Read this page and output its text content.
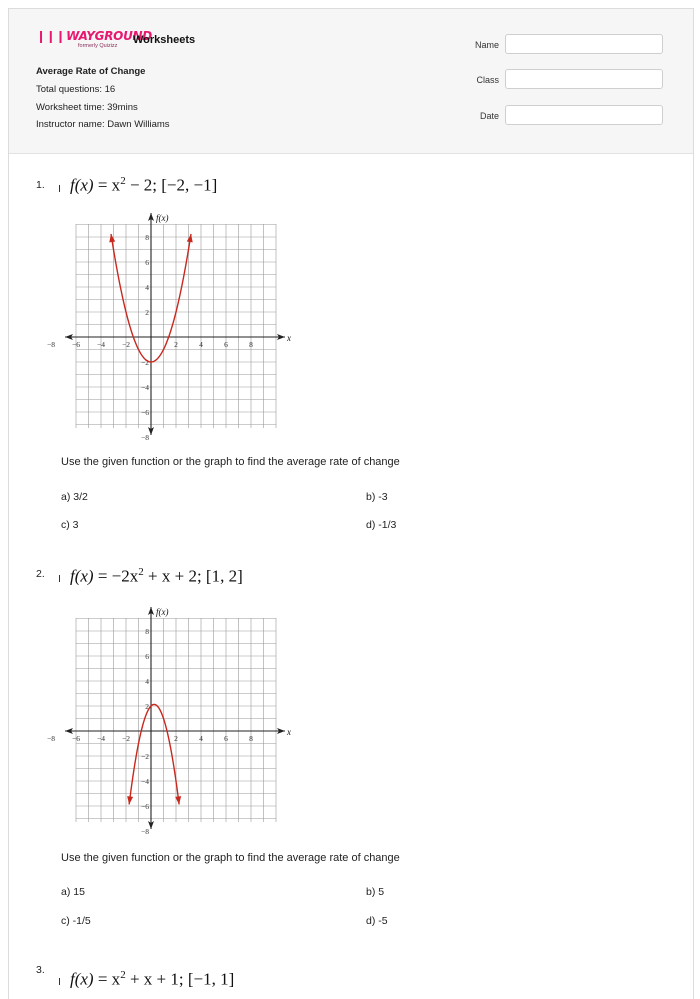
❙❙❙ WAYGROUND
formerly Quizizz	Worksheets
Average Rate of Change
Total questions: 16
Worksheet time: 39mins
Instructor name: Dawn Williams
Name
Class
Date
1. $f(x) = x^2 - 2$; [−2, −1]
−8 −6 −4 −2	2	4	6	8
8
6
4
2
−2
−4
−6
−8
f(x)
x
Use the given function or the graph to find the average rate of change
a) 3/2	b) -3
c) 3	d) -1/3
2. $f(x) = -2x^2 + x + 2$; [1, 2]
−8 −6 −4 −2	2	4	6	8
8
6
4
2
−2
−4
−6
−8
f(x)
x
Use the given function or the graph to find the average rate of change
a) 15	b) 5
c) -1/5	d) -5
3. $f(x) = x^2 + x + 1$; [−1, 1]
